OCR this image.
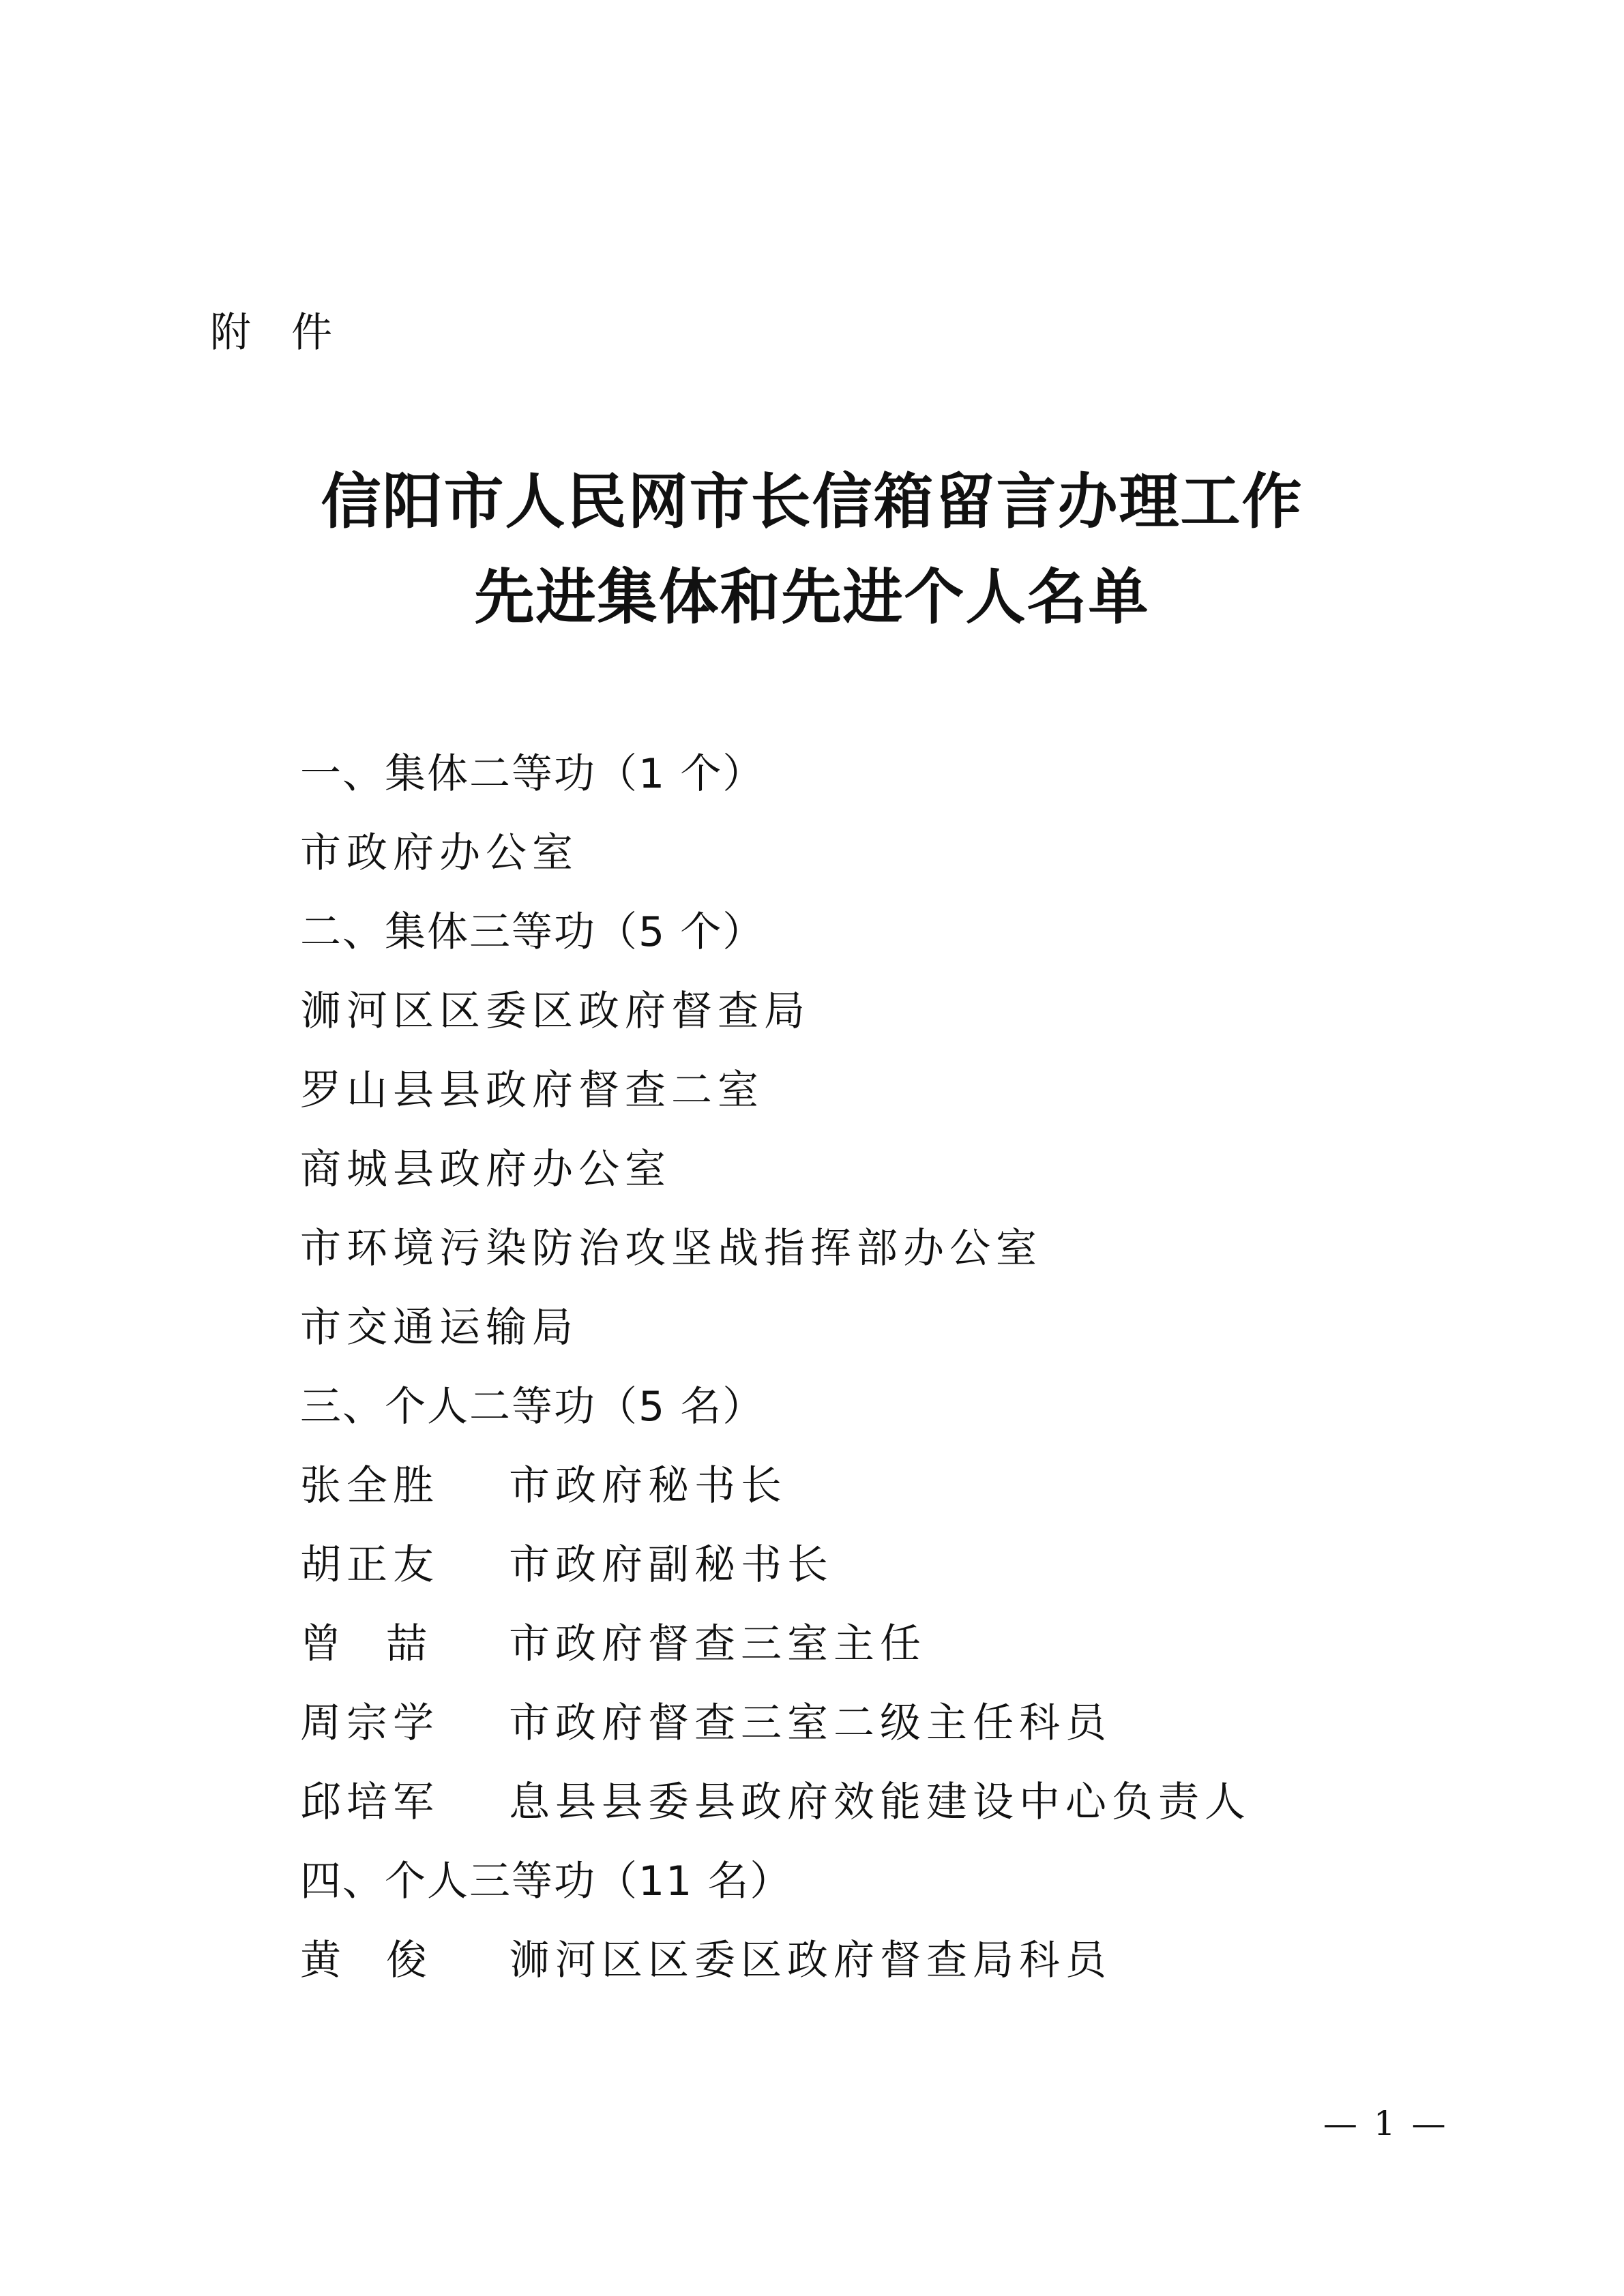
附 件
信阳市人民网市长信箱留言办理工作
先进集体和先进个人名单
一、集体二等功（1 个）
市政府办公室
二、集体三等功（5 个）
浉河区区委区政府督查局
罗山县县政府督查二室
商城县政府办公室
市环境污染防治攻坚战指挥部办公室
市交通运输局
三、个人二等功（5 名）
张全胜	市政府秘书长
胡正友	市政府副秘书长
曾喆 市政府督查三室主任
周宗学	市政府督查三室二级主任科员
邱培军	息县县委县政府效能建设中心负责人
四、个人三等功（11 名）
黄俊 浉河区区委区政府督查局科员
— 1 —
